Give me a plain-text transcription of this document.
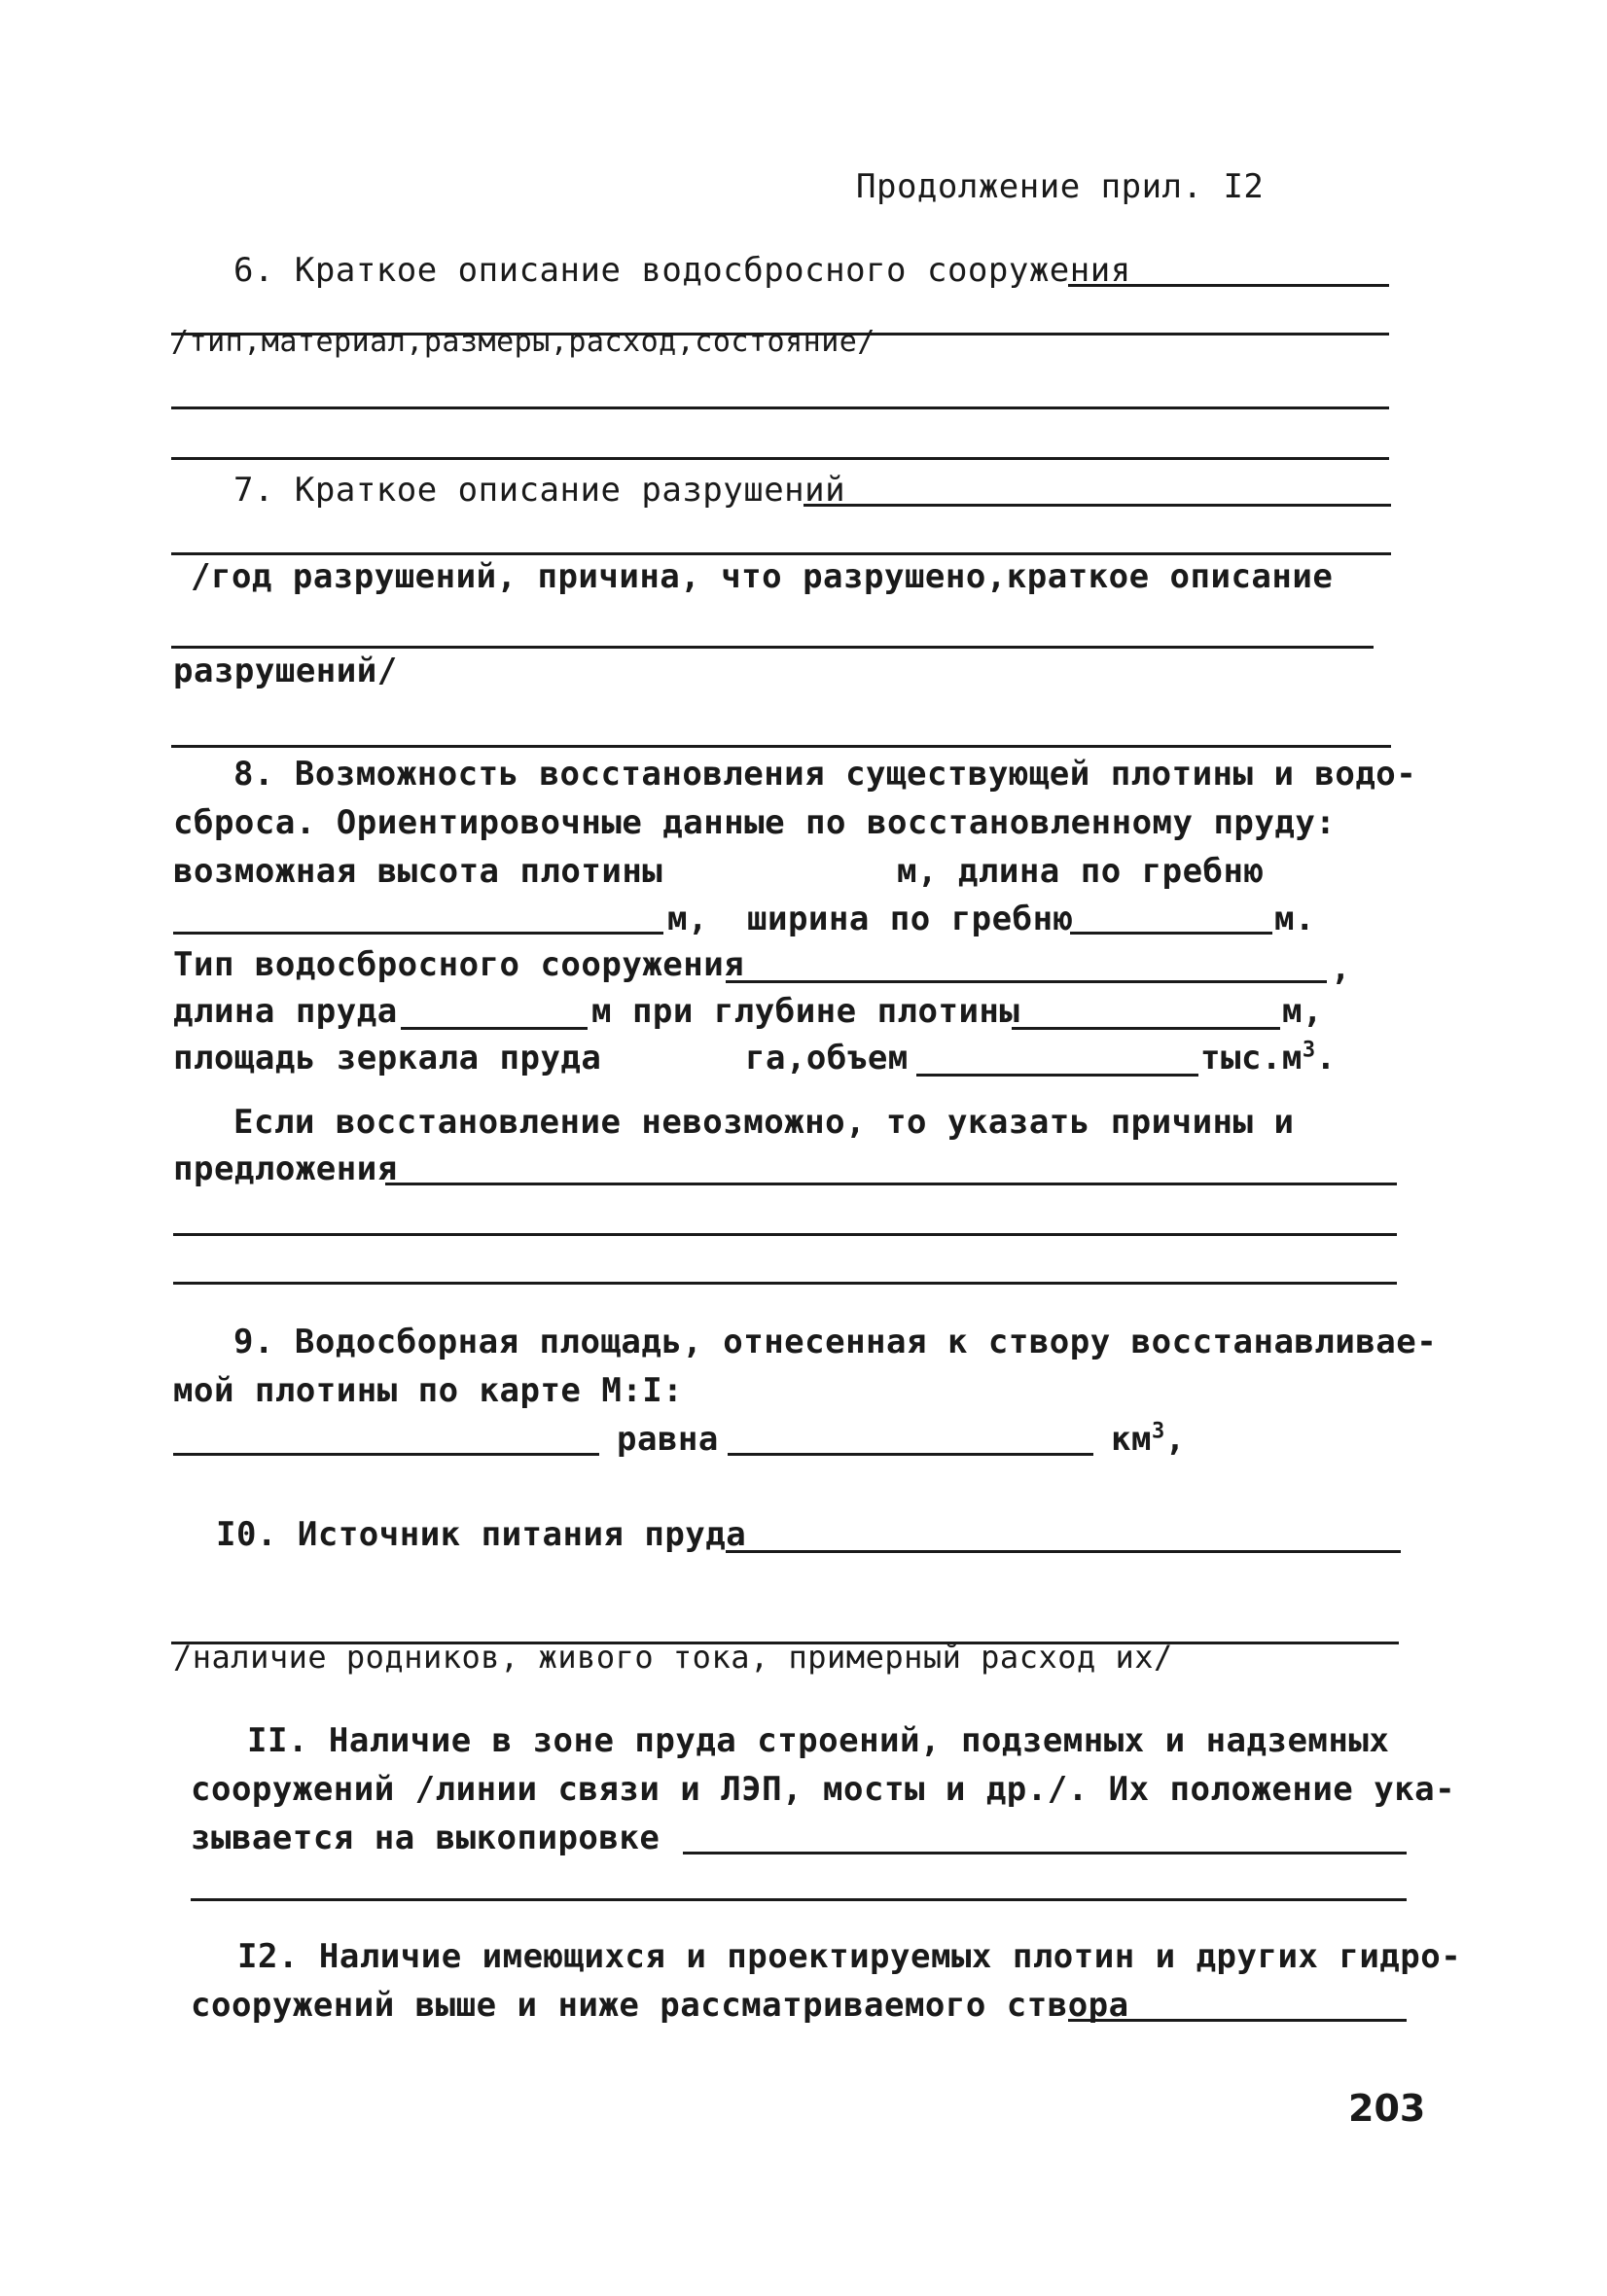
Продолжение прил. I2
6. Краткое описание водосбросного сооружения
/тип,материал,размеры,расход,состояние/
7. Краткое описание разрушений
/год разрушений, причина, что разрушено,краткое описание
разрушений/
8. Возможность восстановления существующей плотины и водо-
сброса. Ориентировочные данные по восстановленному пруду:
возможная высота плотины	м, длина по гребню
м, ширина по гребню	м.
Тип водосбросного сооружения	,
длина пруда	м при глубине плотины	м,
площадь зеркала пруда	га,объем	$тыс.м^3$.
Если восстановление невозможно, то указать причины и
предложения
9. Водосборная площадь, отнесенная к створу восстанавливае-
мой плотины по карте М:I:
равна	$км^3$,
I0. Источник питания пруда
/наличие родников, живого тока, примерный расход их/
II. Наличие в зоне пруда строений, подземных и надземных
сооружений /линии связи и ЛЭП, мосты и др./. Их положение ука-
зывается на выкопировке
I2. Наличие имеющихся и проектируемых плотин и других гидро-
сооружений выше и ниже рассматриваемого створа
203
